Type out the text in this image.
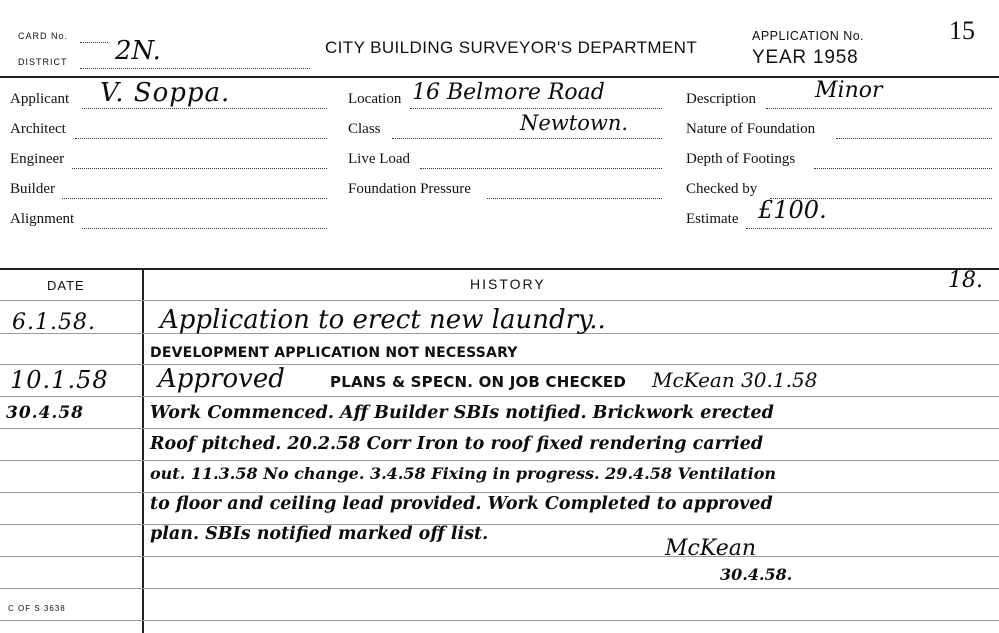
CARD No.
DISTRICT 2N.	CITY BUILDING SURVEYOR'S DEPARTMENT
APPLICATION No.
YEAR 1958
15
Applicant V. Soppa.
Architect
Engineer
Builder
Alignment
Location 16 Belmore Road
Class	Newtown.
Live Load
Foundation Pressure
Description	Minor
Nature of Foundation
Depth of Footings
Checked by
Estimate £100.
DATE	HISTORY	18.
6.1.58. Application to erect new laundry..
DEVELOPMENT APPLICATION NOT NECESSARY
10.1.58 Approved	PLANS & SPECN. ON JOB CHECKED McKean 30.1.58
30.4.58	Work Commenced. Aff Builder SBIs notified. Brickwork erected
Roof pitched. 20.2.58 Corr Iron to roof fixed rendering carried
out. 11.3.58 No change. 3.4.58 Fixing in progress. 29.4.58 Ventilation
to floor and ceiling lead provided. Work Completed to approved
plan. SBIs notified marked off list.
McKean
30.4.58.
C OF S 3638
